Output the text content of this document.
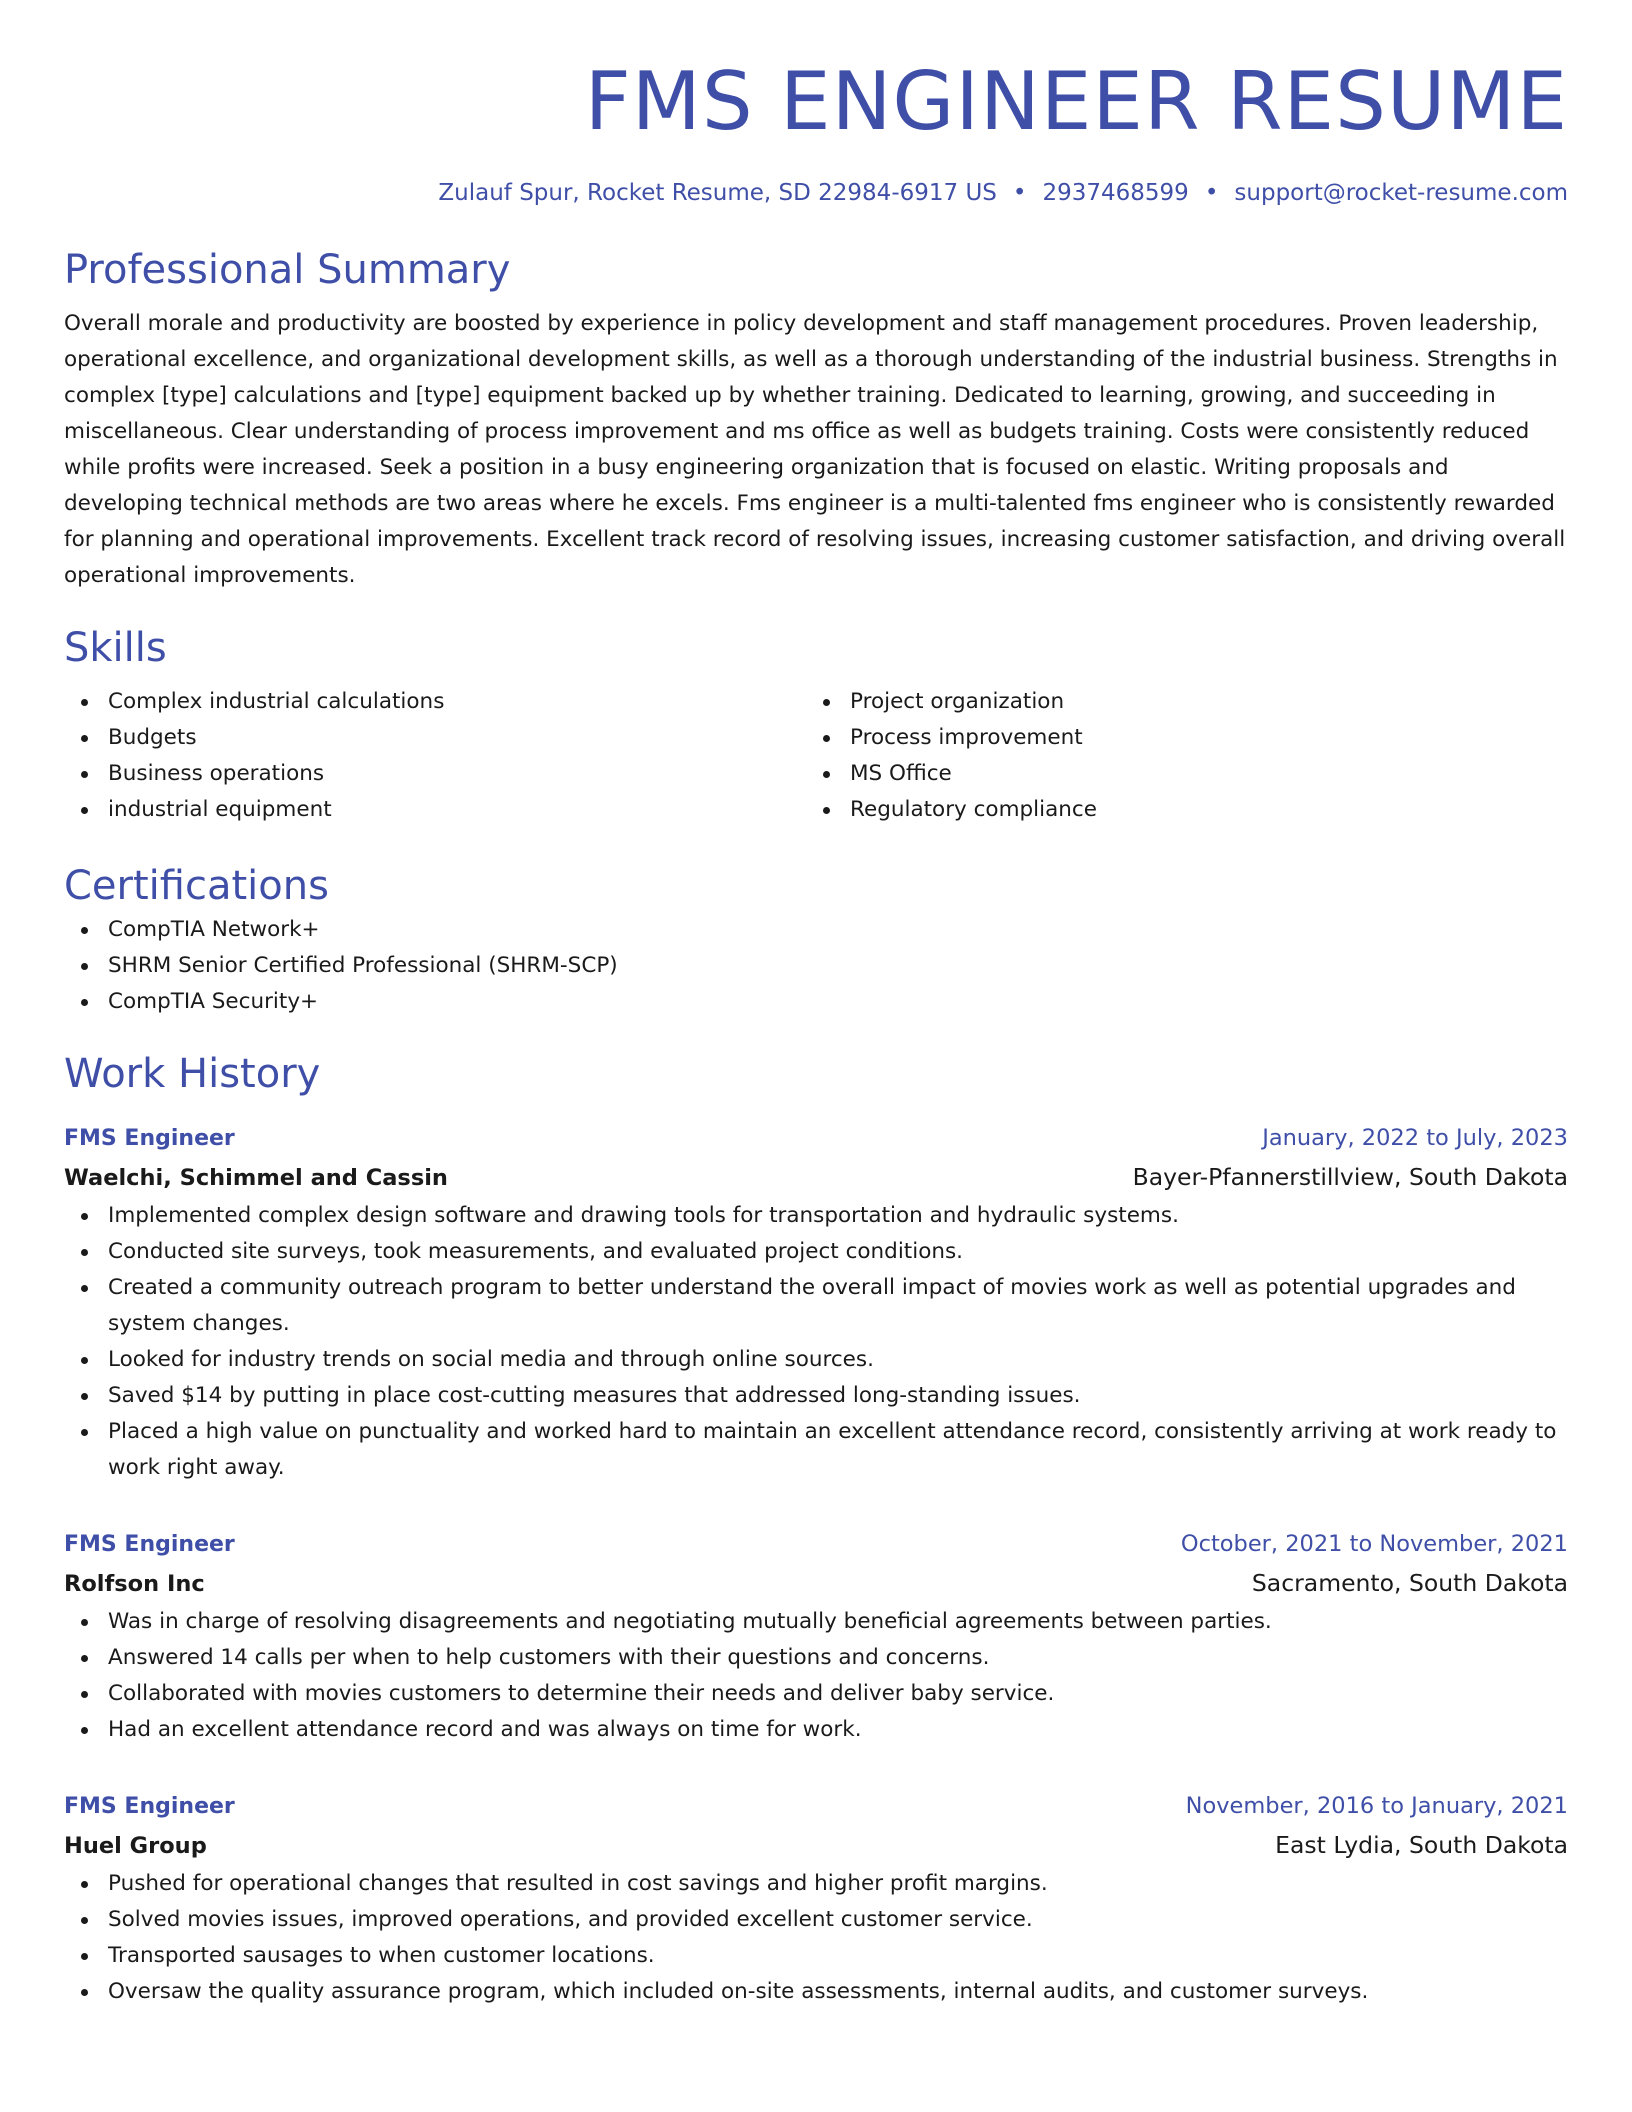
FMS ENGINEER RESUME
Zulauf Spur, Rocket Resume, SD 22984-6917 US • 2937468599 • support@rocket-resume.com
Professional Summary
Overall morale and productivity are boosted by experience in policy development and staff management procedures. Proven leadership, operational excellence, and organizational development skills, as well as a thorough understanding of the industrial business. Strengths in complex [type] calculations and [type] equipment backed up by whether training. Dedicated to learning, growing, and succeeding in miscellaneous. Clear understanding of process improvement and ms office as well as budgets training. Costs were consistently reduced while profits were increased. Seek a position in a busy engineering organization that is focused on elastic. Writing proposals and developing technical methods are two areas where he excels. Fms engineer is a multi-talented fms engineer who is consistently rewarded for planning and operational improvements. Excellent track record of resolving issues, increasing customer satisfaction, and driving overall operational improvements.
Skills
Complex industrial calculations
Budgets
Business operations
industrial equipment
Project organization
Process improvement
MS Office
Regulatory compliance
Certifications
CompTIA Network+
SHRM Senior Certified Professional (SHRM-SCP)
CompTIA Security+
Work History
FMS Engineer	January, 2022 to July, 2023
Waelchi, Schimmel and Cassin	Bayer-Pfannerstillview, South Dakota
Implemented complex design software and drawing tools for transportation and hydraulic systems.
Conducted site surveys, took measurements, and evaluated project conditions.
Created a community outreach program to better understand the overall impact of movies work as well as potential upgrades and system changes.
Looked for industry trends on social media and through online sources.
Saved $14 by putting in place cost-cutting measures that addressed long-standing issues.
Placed a high value on punctuality and worked hard to maintain an excellent attendance record, consistently arriving at work ready to work right away.
FMS Engineer	October, 2021 to November, 2021
Rolfson Inc	Sacramento, South Dakota
Was in charge of resolving disagreements and negotiating mutually beneficial agreements between parties.
Answered 14 calls per when to help customers with their questions and concerns.
Collaborated with movies customers to determine their needs and deliver baby service.
Had an excellent attendance record and was always on time for work.
FMS Engineer	November, 2016 to January, 2021
Huel Group	East Lydia, South Dakota
Pushed for operational changes that resulted in cost savings and higher profit margins.
Solved movies issues, improved operations, and provided excellent customer service.
Transported sausages to when customer locations.
Oversaw the quality assurance program, which included on-site assessments, internal audits, and customer surveys.
